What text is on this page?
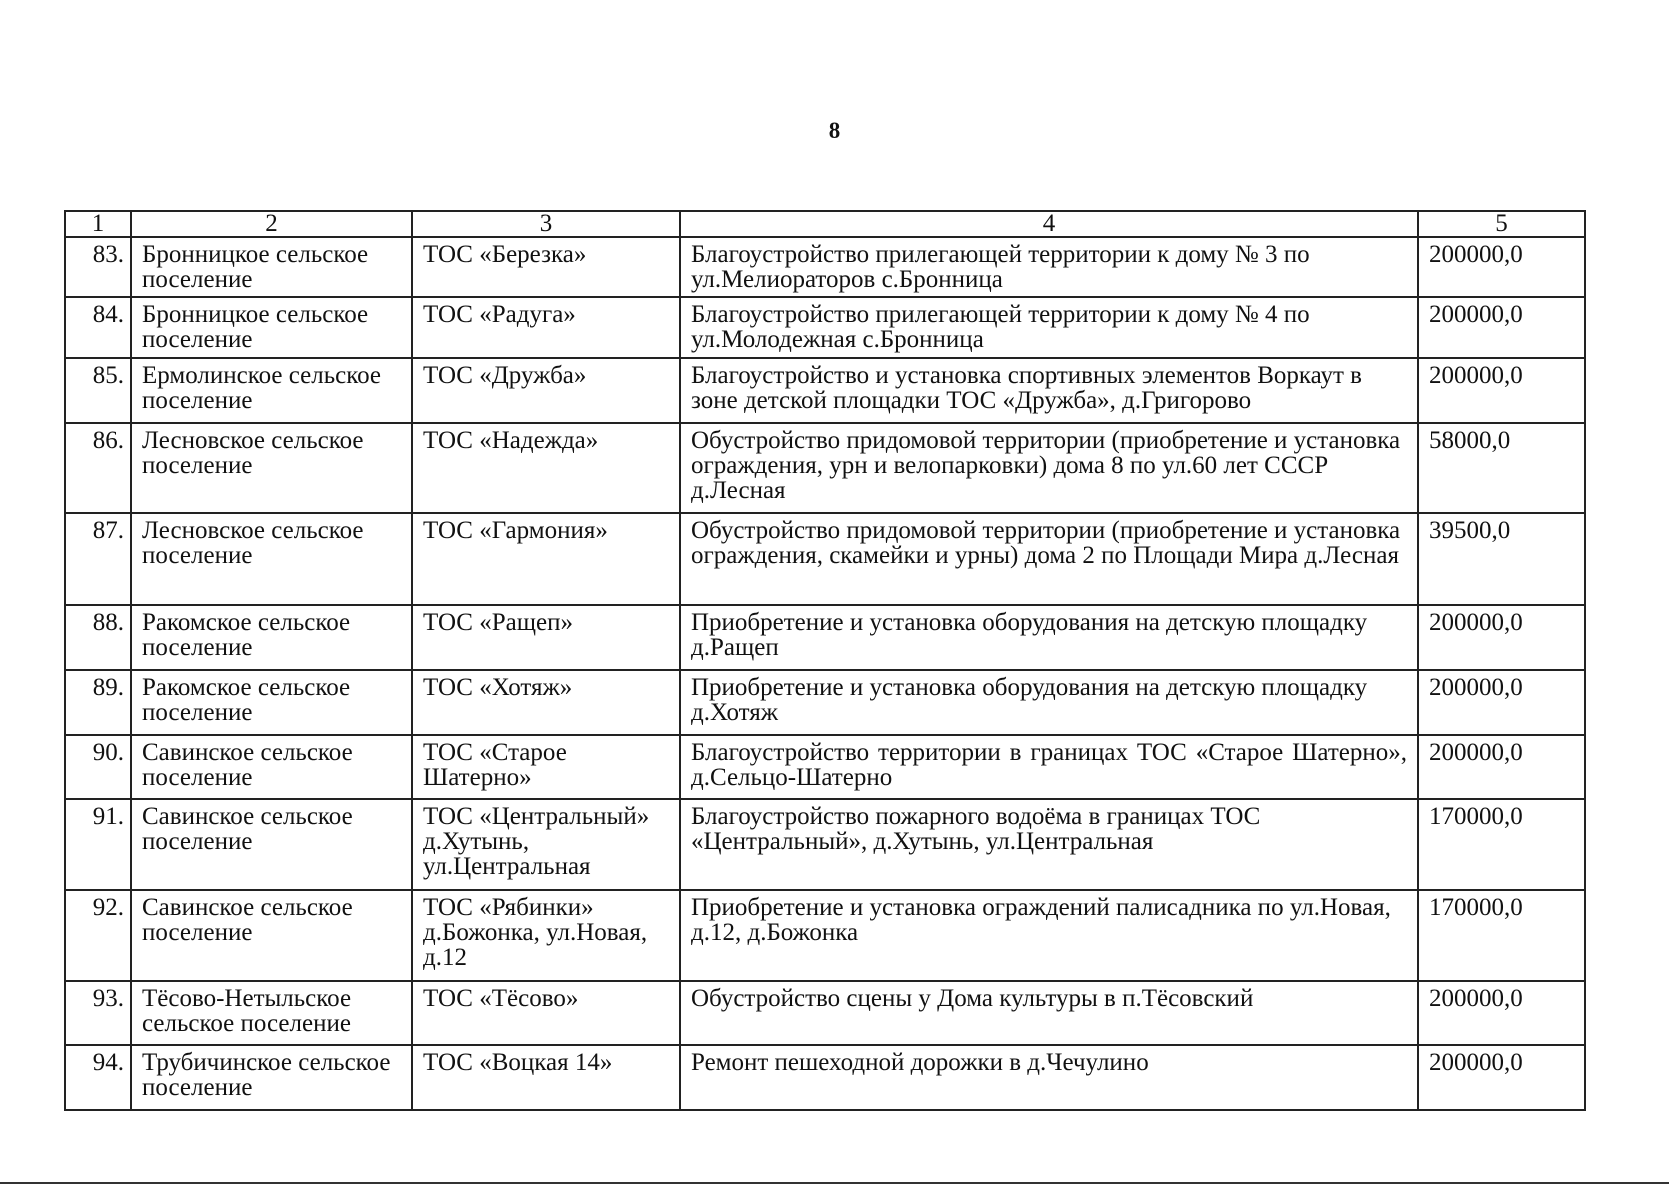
8
1	2	3	4	5
83.	Бронницкое сельское поселение	ТОС «Березка»	Благоустройство прилегающей территории к дому № 3 по ул.Мелиораторов с.Бронница	200000,0
84.	Бронницкое сельское поселение	ТОС «Радуга»	Благоустройство прилегающей территории к дому № 4 по ул.Молодежная с.Бронница	200000,0
85.	Ермолинское сельское поселение	ТОС «Дружба»	Благоустройство и установка спортивных элементов Воркаут в зоне детской площадки ТОС «Дружба», д.Григорово	200000,0
86.	Лесновское сельское поселение	ТОС «Надежда»	Обустройство придомовой территории (приобретение и установка ограждения, урн и велопарковки) дома 8 по ул.60 лет СССР д.Лесная	58000,0
87.	Лесновское сельское поселение	ТОС «Гармония»	Обустройство придомовой территории (приобретение и установка ограждения, скамейки и урны) дома 2 по Площади Мира д.Лесная	39500,0
88.	Ракомское сельское поселение	ТОС «Ращеп»	Приобретение и установка оборудования на детскую площадку д.Ращеп	200000,0
89.	Ракомское сельское поселение	ТОС «Хотяж»	Приобретение и установка оборудования на детскую площадку д.Хотяж	200000,0
90.	Савинское сельское поселение	ТОС «Старое Шатерно»	Благоустройство территории в границах ТОС «Старое Шатерно», д.Сельцо-Шатерно	200000,0
91.	Савинское сельское поселение	ТОС «Центральный» д.Хутынь, ул.Центральная	Благоустройство пожарного водоёма в границах ТОС «Центральный», д.Хутынь, ул.Центральная	170000,0
92.	Савинское сельское поселение	ТОС «Рябинки» д.Божонка, ул.Новая, д.12	Приобретение и установка ограждений палисадника по ул.Новая, д.12, д.Божонка	170000,0
93.	Тёсово-Нетыльское сельское поселение	ТОС «Тёсово»	Обустройство сцены у Дома культуры в п.Тёсовский	200000,0
94.	Трубичинское сельское поселение	ТОС «Воцкая 14»	Ремонт пешеходной дорожки в д.Чечулино	200000,0
